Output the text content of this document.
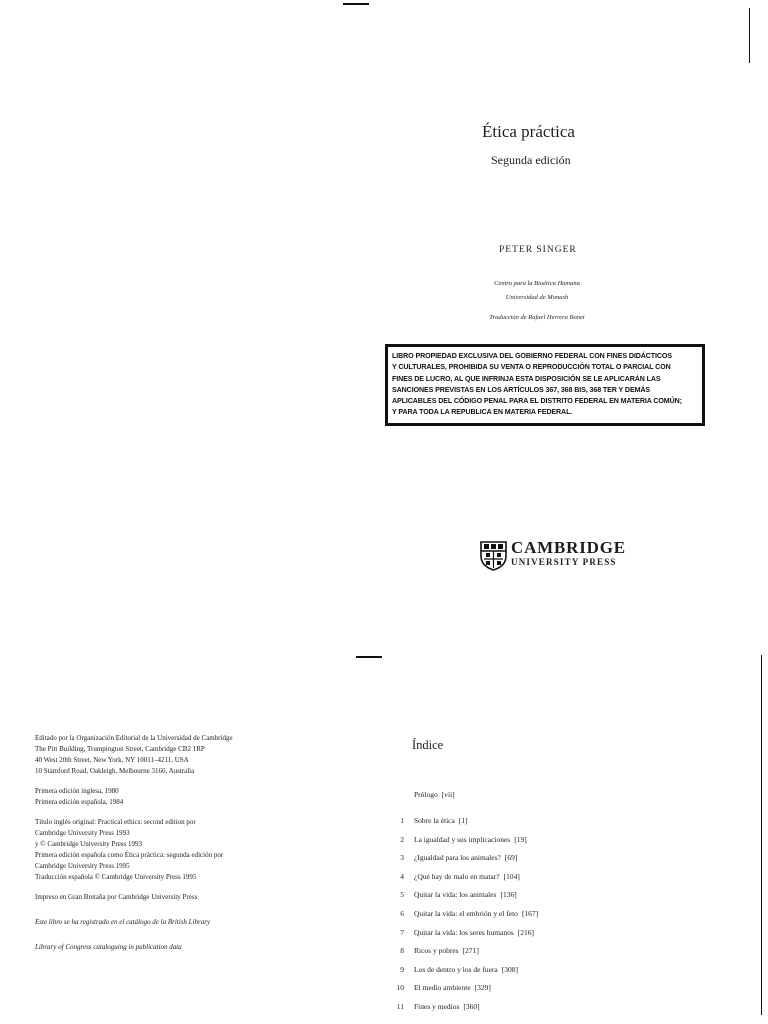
Ética práctica
Segunda edición
PETER SINGER
Centro para la Bioética Humana
Universidad de Monash
Traducción de Rafael Herrera Bonet
LIBRO PROPIEDAD EXCLUSIVA DEL GOBIERNO FEDERAL CON FINES DIDÁCTICOS
Y CULTURALES, PROHIBIDA SU VENTA O REPRODUCCIÓN TOTAL O PARCIAL CON
FINES DE LUCRO, AL QUE INFRINJA ESTA DISPOSICIÓN SE LE APLICARÁN LAS
SANCIONES PREVISTAS EN LOS ARTÍCULOS 367, 368 BIS, 368 TER Y DEMÁS
APLICABLES DEL CÓDIGO PENAL PARA EL DISTRITO FEDERAL EN MATERIA COMÚN;
Y PARA TODA LA REPUBLICA EN MATERIA FEDERAL.
CAMBRIDGE
UNIVERSITY PRESS
Editado por la Organización Editorial de la Universidad de Cambridge
The Pitt Building, Trumpington Street, Cambridge CB2 1RP
40 West 20th Street, New York, NY 10011–4211, USA
10 Stamford Road, Oakleigh, Melbourne 3166, Australia
Primera edición inglesa, 1980
Primera edición española, 1984
Título inglés original: Practical ethics: second edition por
Cambridge University Press 1993
y © Cambridge University Press 1993
Primera edición española como Ética práctica: segunda edición por
Cambridge University Press 1995
Traducción española © Cambridge University Press 1995
Impreso en Gran Bretaña por Cambridge University Press
Este libro se ha registrado en el catálogo de la British Library
Library of Congress cataloguing in publication data
Índice
Prólogo [vii]
1 Sobre la ética [1]
2 La igualdad y sus implicaciones [19]
3 ¿Igualdad para los animales? [69]
4 ¿Qué hay de malo en matar? [104]
5 Quitar la vida: los animales [136]
6 Quitar la vida: el embrión y el feto [167]
7 Quitar la vida: los seres humanos [216]
8 Ricos y pobres [271]
9 Los de dentro y los de fuera [308]
10 El medio ambiente [329]
11 Fines y medios [360]
